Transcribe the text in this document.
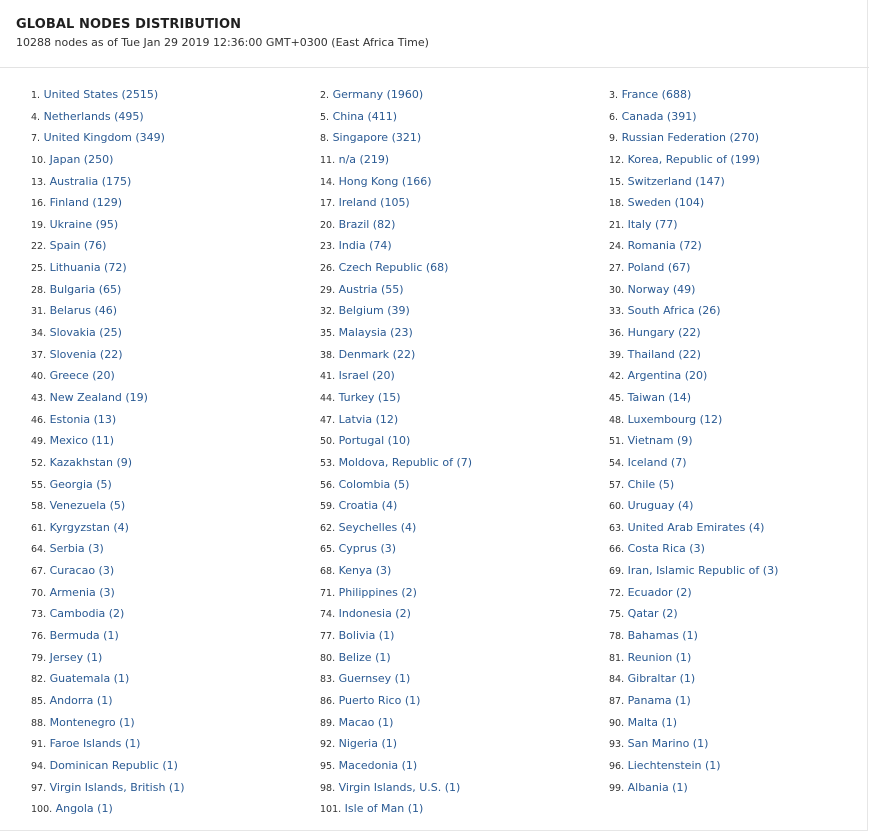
GLOBAL NODES DISTRIBUTION
10288 nodes as of Tue Jan 29 2019 12:36:00 GMT+0300 (East Africa Time)
1. United States (2515)	2. Germany (1960)	3. France (688)
4. Netherlands (495)	5. China (411)	6. Canada (391)
7. United Kingdom (349)	8. Singapore (321)	9. Russian Federation (270)
10. Japan (250)	11. n/a (219)	12. Korea, Republic of (199)
13. Australia (175)	14. Hong Kong (166)	15. Switzerland (147)
16. Finland (129)	17. Ireland (105)	18. Sweden (104)
19. Ukraine (95)	20. Brazil (82)	21. Italy (77)
22. Spain (76)	23. India (74)	24. Romania (72)
25. Lithuania (72)	26. Czech Republic (68)	27. Poland (67)
28. Bulgaria (65)	29. Austria (55)	30. Norway (49)
31. Belarus (46)	32. Belgium (39)	33. South Africa (26)
34. Slovakia (25)	35. Malaysia (23)	36. Hungary (22)
37. Slovenia (22)	38. Denmark (22)	39. Thailand (22)
40. Greece (20)	41. Israel (20)	42. Argentina (20)
43. New Zealand (19)	44. Turkey (15)	45. Taiwan (14)
46. Estonia (13)	47. Latvia (12)	48. Luxembourg (12)
49. Mexico (11)	50. Portugal (10)	51. Vietnam (9)
52. Kazakhstan (9)	53. Moldova, Republic of (7)	54. Iceland (7)
55. Georgia (5)	56. Colombia (5)	57. Chile (5)
58. Venezuela (5)	59. Croatia (4)	60. Uruguay (4)
61. Kyrgyzstan (4)	62. Seychelles (4)	63. United Arab Emirates (4)
64. Serbia (3)	65. Cyprus (3)	66. Costa Rica (3)
67. Curacao (3)	68. Kenya (3)	69. Iran, Islamic Republic of (3)
70. Armenia (3)	71. Philippines (2)	72. Ecuador (2)
73. Cambodia (2)	74. Indonesia (2)	75. Qatar (2)
76. Bermuda (1)	77. Bolivia (1)	78. Bahamas (1)
79. Jersey (1)	80. Belize (1)	81. Reunion (1)
82. Guatemala (1)	83. Guernsey (1)	84. Gibraltar (1)
85. Andorra (1)	86. Puerto Rico (1)	87. Panama (1)
88. Montenegro (1)	89. Macao (1)	90. Malta (1)
91. Faroe Islands (1)	92. Nigeria (1)	93. San Marino (1)
94. Dominican Republic (1)	95. Macedonia (1)	96. Liechtenstein (1)
97. Virgin Islands, British (1)	98. Virgin Islands, U.S. (1)	99. Albania (1)
100. Angola (1)	101. Isle of Man (1)
